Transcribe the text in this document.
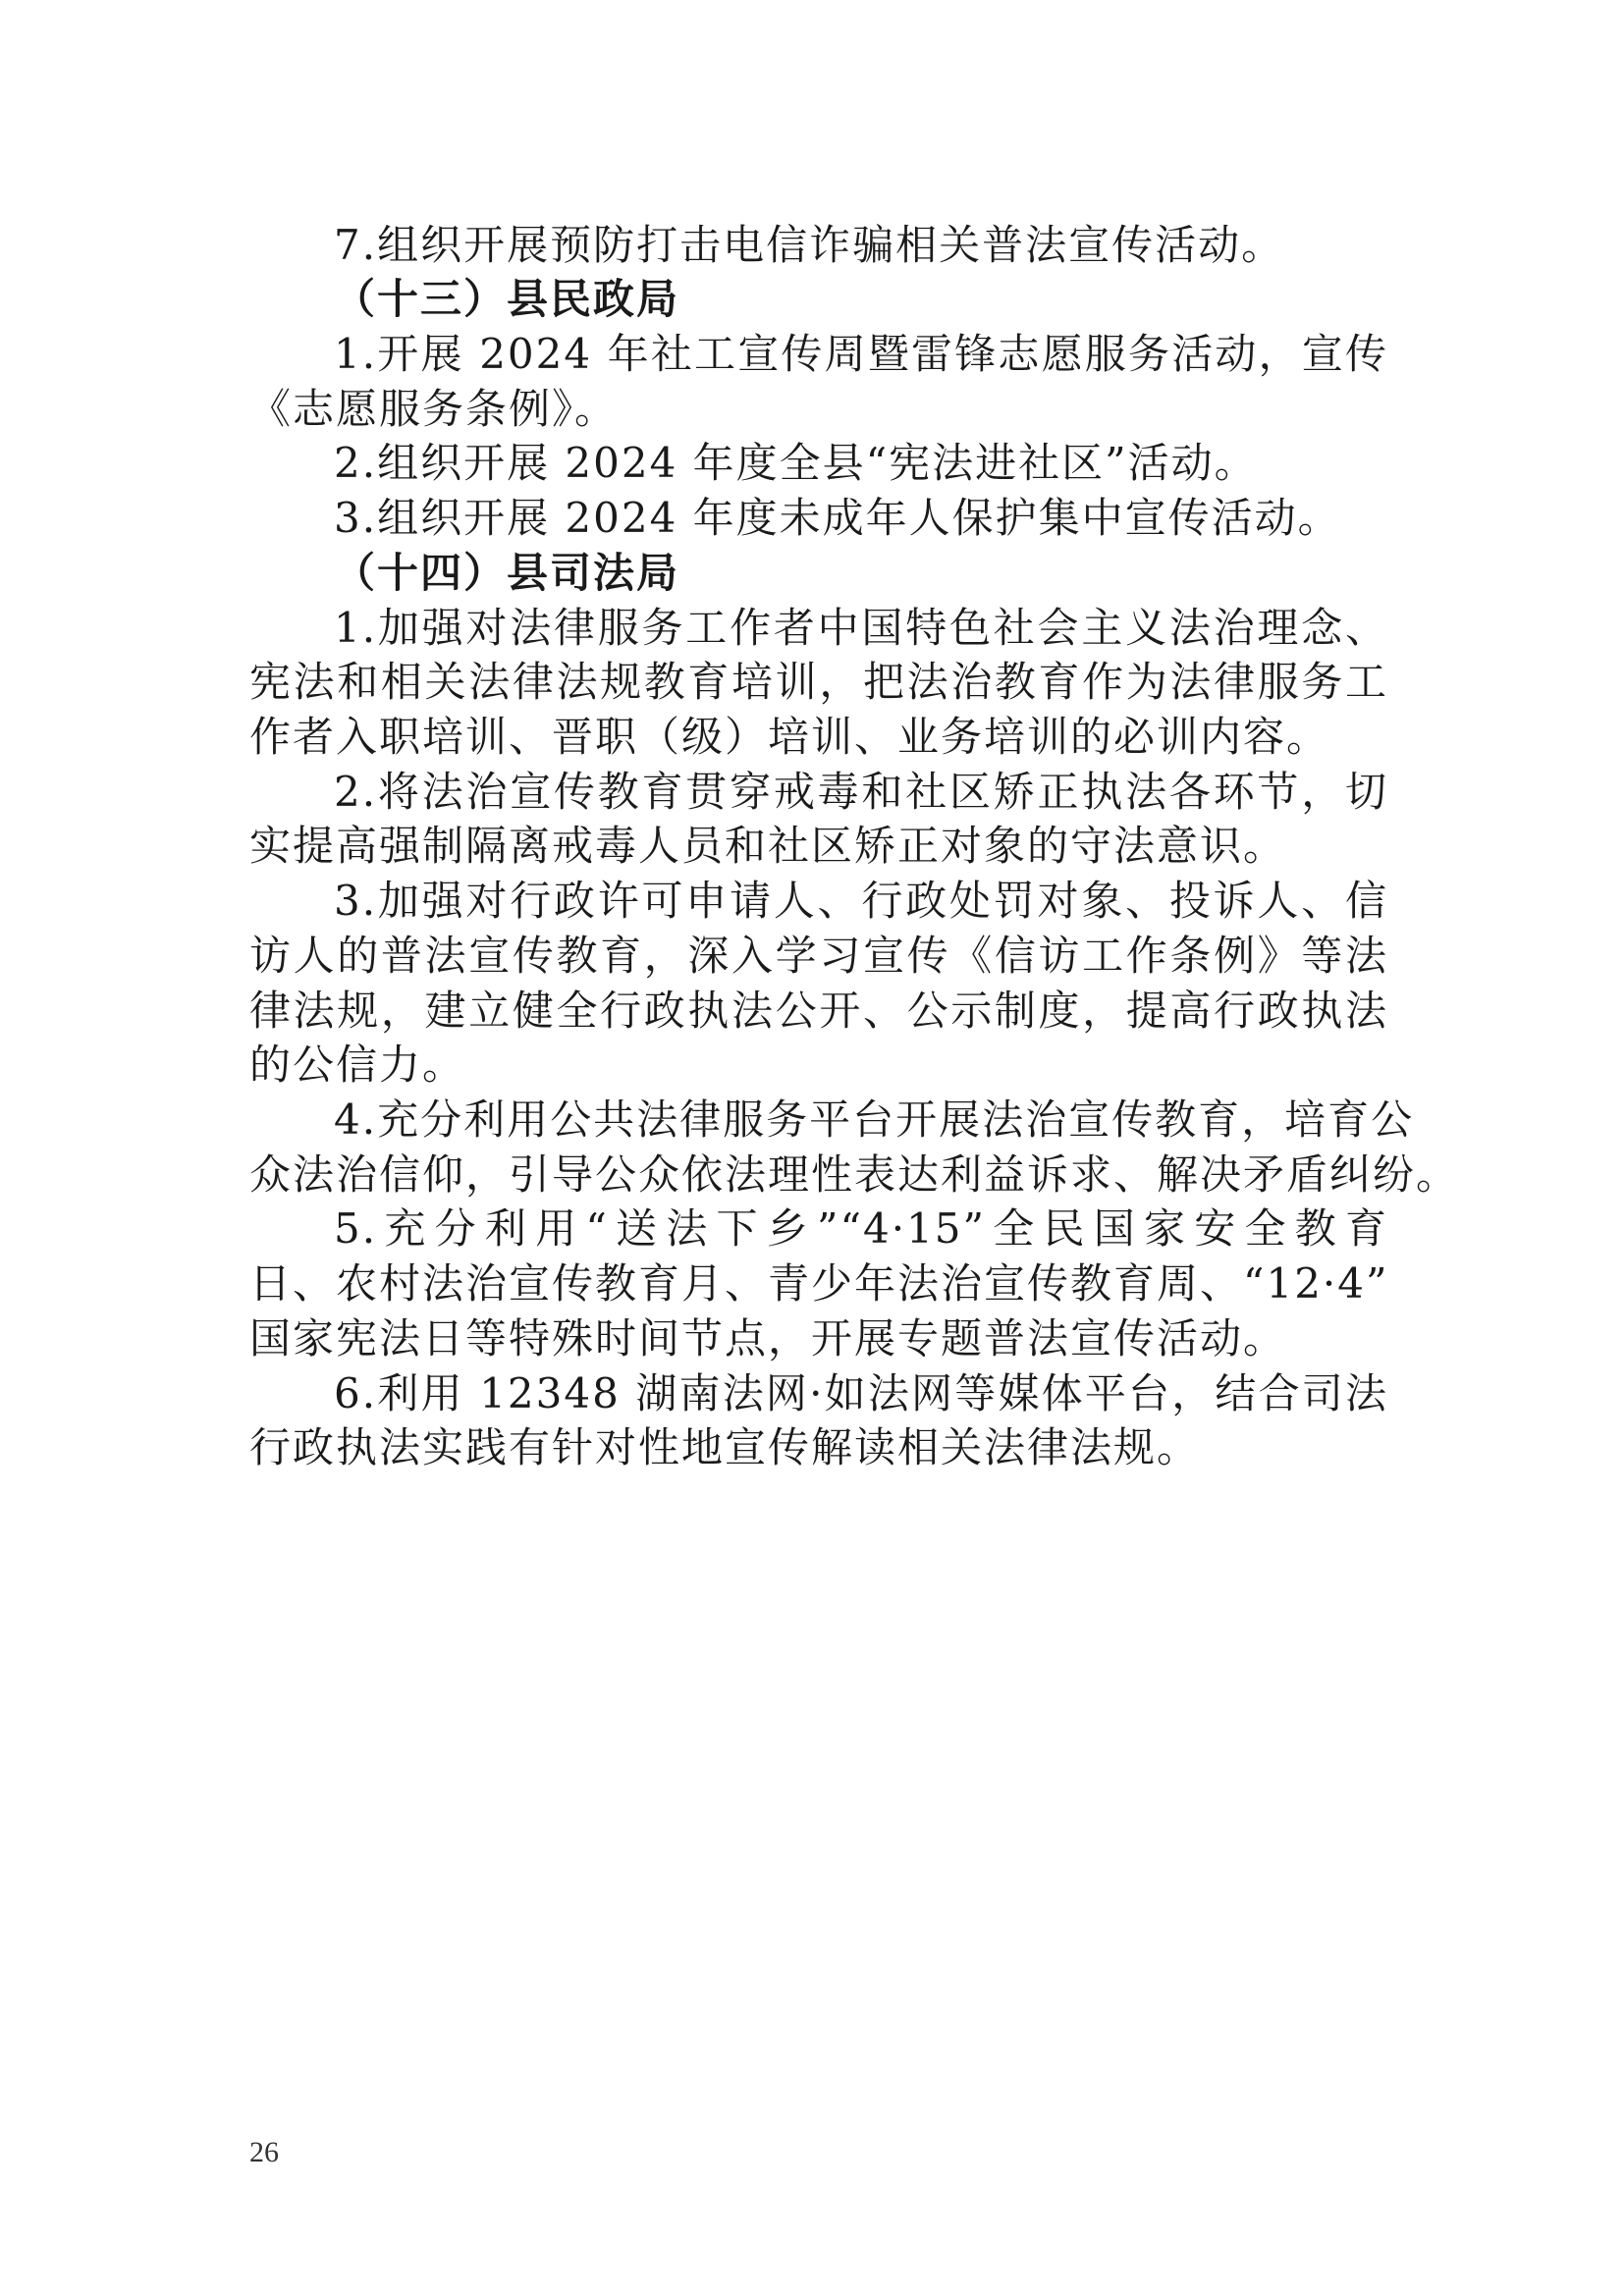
7.组织开展预防打击电信诈骗相关普法宣传活动。
（十三）县民政局
1.开展 2024 年社工宣传周暨雷锋志愿服务活动，宣传
《志愿服务条例》。
2.组织开展 2024 年度全县“宪法进社区”活动。
3.组织开展 2024 年度未成年人保护集中宣传活动。
（十四）县司法局
1.加强对法律服务工作者中国特色社会主义法治理念、
宪法和相关法律法规教育培训，把法治教育作为法律服务工
作者入职培训、晋职（级）培训、业务培训的必训内容。
2.将法治宣传教育贯穿戒毒和社区矫正执法各环节，切
实提高强制隔离戒毒人员和社区矫正对象的守法意识。
3.加强对行政许可申请人、行政处罚对象、投诉人、信
访人的普法宣传教育，深入学习宣传《信访工作条例》等法
律法规，建立健全行政执法公开、公示制度，提高行政执法
的公信力。
4.充分利用公共法律服务平台开展法治宣传教育，培育公
众法治信仰，引导公众依法理性表达利益诉求、解决矛盾纠纷。
5.充分利用“送法下乡”“4·15”全民国家安全教育
日、农村法治宣传教育月、青少年法治宣传教育周、“12·4”
国家宪法日等特殊时间节点，开展专题普法宣传活动。
6.利用 12348 湖南法网·如法网等媒体平台，结合司法
行政执法实践有针对性地宣传解读相关法律法规。
26
